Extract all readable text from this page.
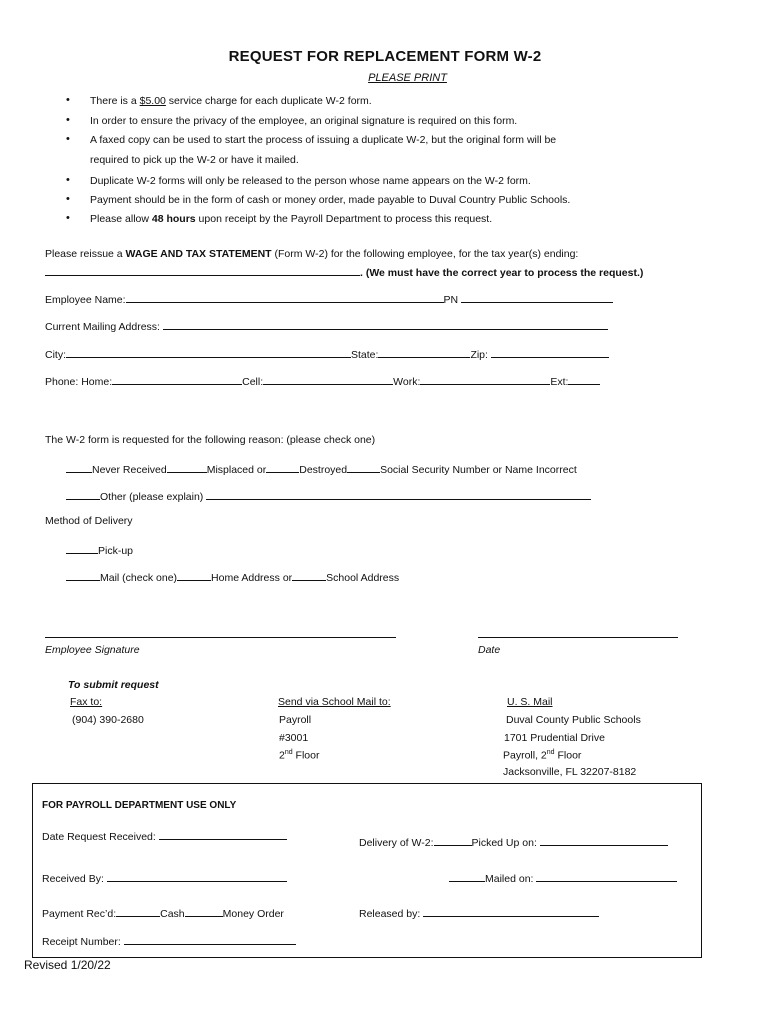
REQUEST FOR REPLACEMENT FORM W-2
PLEASE PRINT
• There is a $5.00 service charge for each duplicate W-2 form.
• In order to ensure the privacy of the employee, an original signature is required on this form.
• A faxed copy can be used to start the process of issuing a duplicate W-2, but the original form will be
required to pick up the W-2 or have it mailed.
• Duplicate W-2 forms will only be released to the person whose name appears on the W-2 form.
• Payment should be in the form of cash or money order, made payable to Duval Country Public Schools.
• Please allow 48 hours upon receipt by the Payroll Department to process this request.
Please reissue a WAGE AND TAX STATEMENT (Form W-2) for the following employee, for the tax year(s) ending:
. (We must have the correct year to process the request.)
Employee Name:	PN
Current Mailing Address:
City:	State:	Zip:
Phone: Home:	Cell:	Work:	Ext:
The W-2 form is requested for the following reason: (please check one)
Never Received	Misplaced or	Destroyed	Social Security Number or Name Incorrect
Other (please explain)
Method of Delivery
Pick-up
Mail (check one)	Home Address or	School Address
Employee Signature	Date
To submit request
Fax to:
(904) 390-2680
Send via School Mail to:
Payroll
#3001
2nd Floor
U. S. Mail
Duval County Public Schools
1701 Prudential Drive
Payroll, 2nd Floor
Jacksonville, FL 32207-8182
FOR PAYROLL DEPARTMENT USE ONLY
Date Request Received:	Delivery of W-2:	Picked Up on:
Received By:	Mailed on:
Payment Rec’d:	Cash	Money Order	Released by:
Receipt Number:
Revised 1/20/22
